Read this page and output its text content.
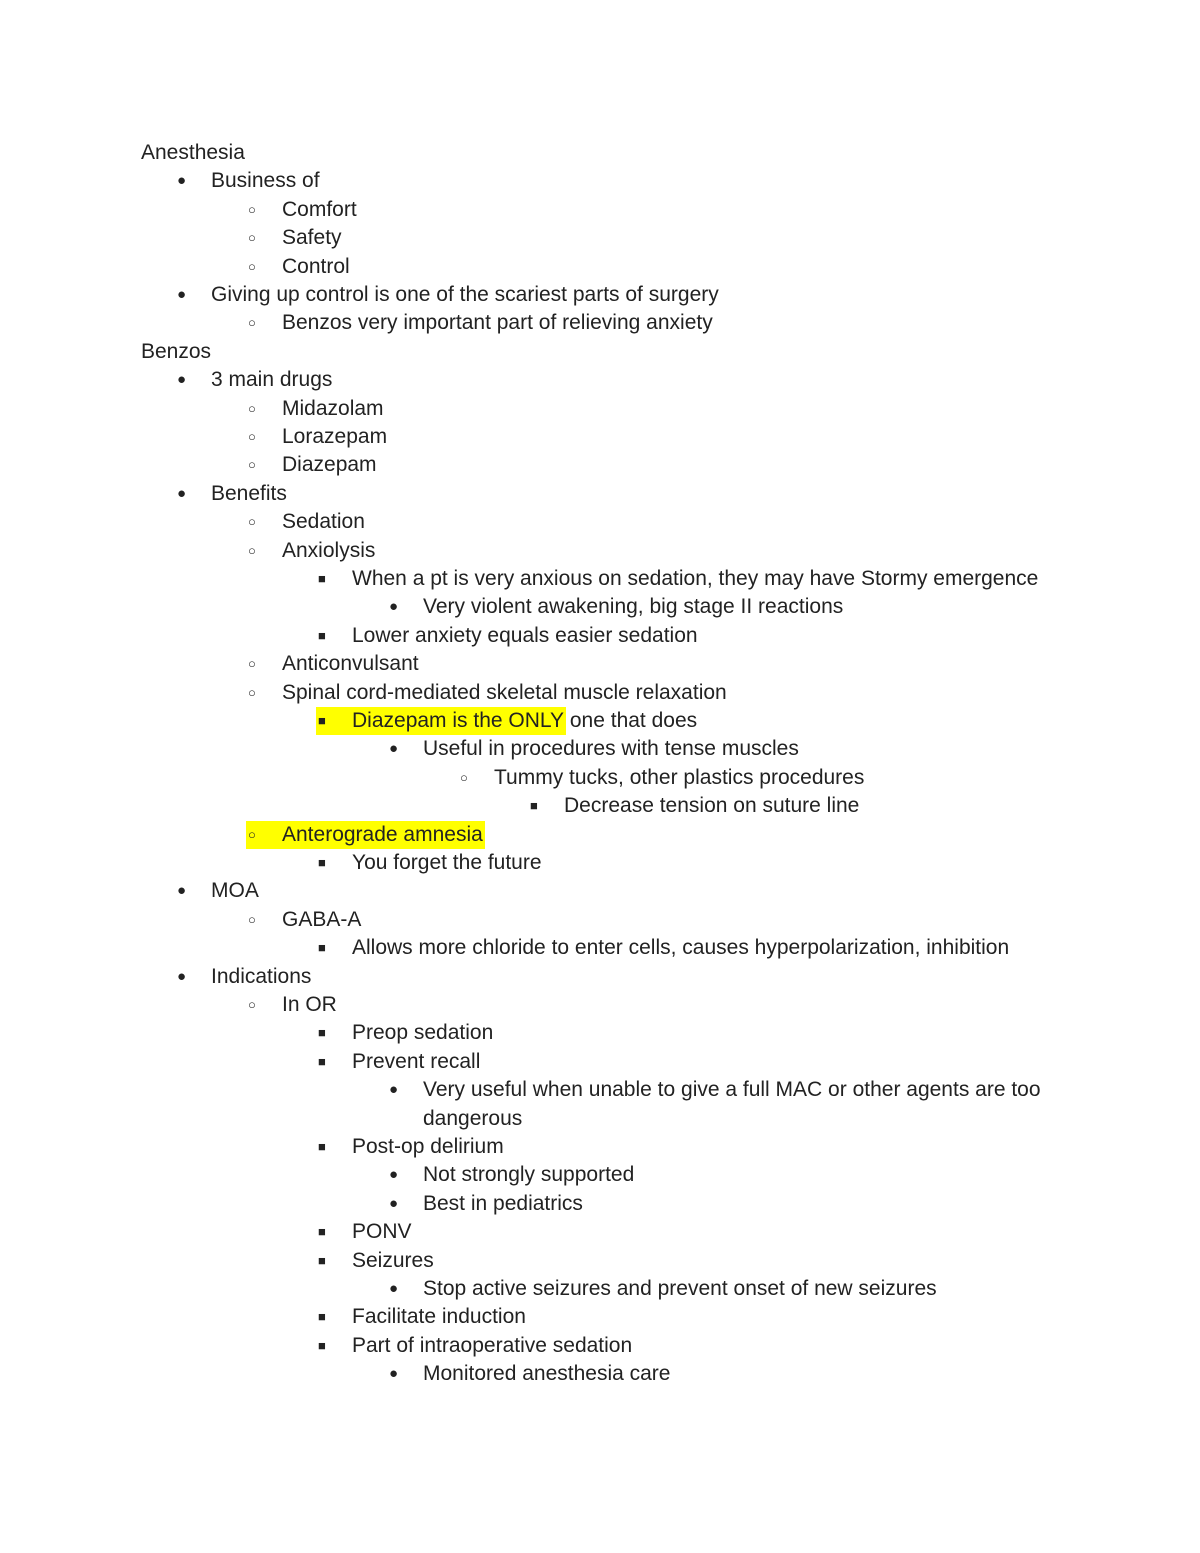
Anesthesia
●	Business of
○	Comfort
○	Safety
○	Control
●	Giving up control is one of the scariest parts of surgery
○	Benzos very important part of relieving anxiety
Benzos
●	3 main drugs
○	Midazolam
○	Lorazepam
○	Diazepam
●	Benefits
○	Sedation
○	Anxiolysis
■	When a pt is very anxious on sedation, they may have Stormy emergence
●	Very violent awakening, big stage II reactions
■	Lower anxiety equals easier sedation
○	Anticonvulsant
○	Spinal cord-mediated skeletal muscle relaxation
■	Diazepam is the ONLY one that does
●	Useful in procedures with tense muscles
○	Tummy tucks, other plastics procedures
■	Decrease tension on suture line
○	Anterograde amnesia
■	You forget the future
●	MOA
○	GABA-A
■	Allows more chloride to enter cells, causes hyperpolarization, inhibition
●	Indications
○	In OR
■	Preop sedation
■	Prevent recall
●	Very useful when unable to give a full MAC or other agents are too
dangerous
■	Post-op delirium
●	Not strongly supported
●	Best in pediatrics
■	PONV
■	Seizures
●	Stop active seizures and prevent onset of new seizures
■	Facilitate induction
■	Part of intraoperative sedation
●	Monitored anesthesia care
